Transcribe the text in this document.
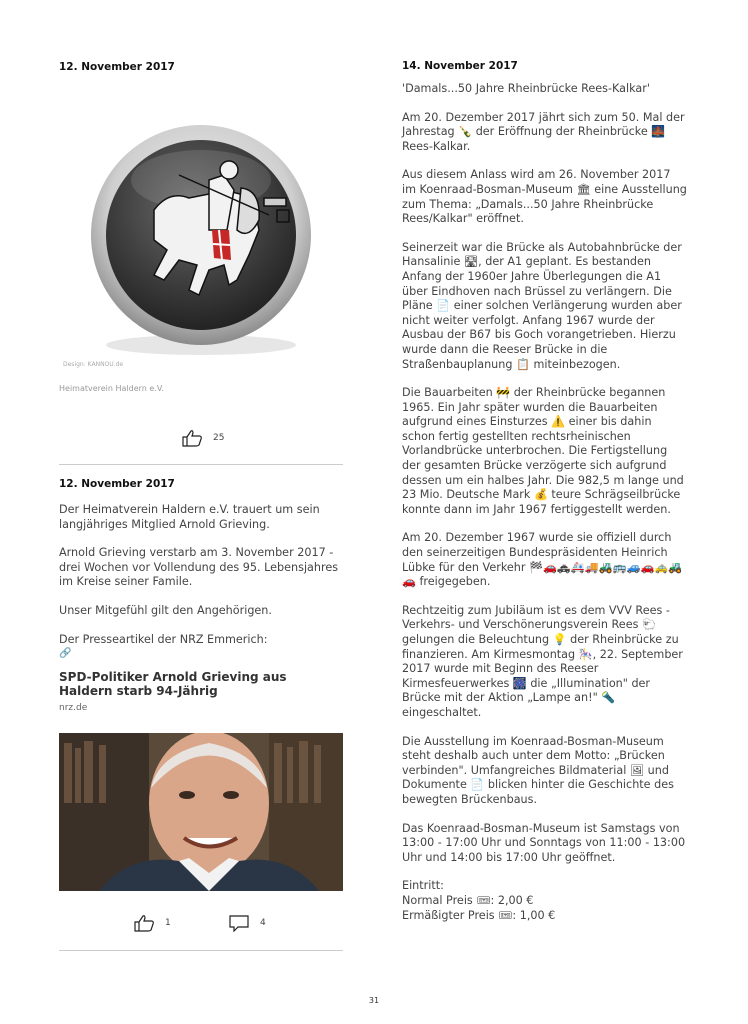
12. November 2017

Design: KANNOU.de
Heimatverein Haldern e.V.
25

12. November 2017

Der Heimatverein Haldern e.V. trauert um sein langjähriges Mitglied Arnold Grieving.

Arnold Grieving verstarb am 3. November 2017 - drei Wochen vor Vollendung des 95. Lebensjahres im Kreise seiner Famile.

Unser Mitgefühl gilt den Angehörigen.

Der Presseartikel der NRZ Emmerich:

🔗

SPD-Politiker Arnold Grieving aus Haldern starb 94-Jährig

nrz.de

1	4

14. November 2017

'Damals...50 Jahre Rheinbrücke Rees-Kalkar'

Am 20. Dezember 2017 jährt sich zum 50. Mal der Jahrestag 🍾 der Eröffnung der Rheinbrücke 🌉 Rees-Kalkar.

Aus diesem Anlass wird am 26. November 2017 im Koenraad-Bosman-Museum 🏛 eine Ausstellung zum Thema: „Damals...50 Jahre Rheinbrücke Rees/Kalkar" eröffnet.

Seinerzeit war die Brücke als Autobahnbrücke der Hansalinie 🛣, der A1 geplant. Es bestanden Anfang der 1960er Jahre Überlegungen die A1 über Eindhoven nach Brüssel zu verlängern. Die Pläne 📄 einer solchen Verlängerung wurden aber nicht weiter verfolgt. Anfang 1967 wurde der Ausbau der B67 bis Goch vorangetrieben. Hierzu wurde dann die Reeser Brücke in die Straßenbauplanung 📋 miteinbezogen.

Die Bauarbeiten 🚧 der Rheinbrücke begannen 1965. Ein Jahr später wurden die Bauarbeiten aufgrund eines Einsturzes ⚠️ einer bis dahin schon fertig gestellten rechtsrheinischen Vorlandbrücke unterbrochen. Die Fertigstellung der gesamten Brücke verzögerte sich aufgrund dessen um ein halbes Jahr. Die 982,5 m lange und 23 Mio. Deutsche Mark 💰 teure Schrägseilbrücke konnte dann im Jahr 1967 fertiggestellt werden.

Am 20. Dezember 1967 wurde sie offiziell durch den seinerzeitigen Bundespräsidenten Heinrich Lübke für den Verkehr 🏁🚗🚓🚑🚚🚜🚌🚙🚗🚕🚜🚗 freigegeben.

Rechtzeitig zum Jubiläum ist es dem VVV Rees - Verkehrs- und Verschönerungsverein Rees 🐑 gelungen die Beleuchtung 💡 der Rheinbrücke zu finanzieren. Am Kirmesmontag 🎠, 22. September 2017 wurde mit Beginn des Reeser Kirmesfeuerwerkes 🎆 die „Illumination" der Brücke mit der Aktion „Lampe an!" 🔦 eingeschaltet.

Die Ausstellung im Koenraad-Bosman-Museum steht deshalb auch unter dem Motto: „Brücken verbinden". Umfangreiches Bildmaterial 🖼 und Dokumente 📄 blicken hinter die Geschichte des bewegten Brückenbaus.

Das Koenraad-Bosman-Museum ist Samstags von 13:00 - 17:00 Uhr und Sonntags von 11:00 - 13:00 Uhr und 14:00 bis 17:00 Uhr geöffnet.

Eintritt:

Normal Preis 🎟: 2,00 €

Ermäßigter Preis 🎟: 1,00 €

31
